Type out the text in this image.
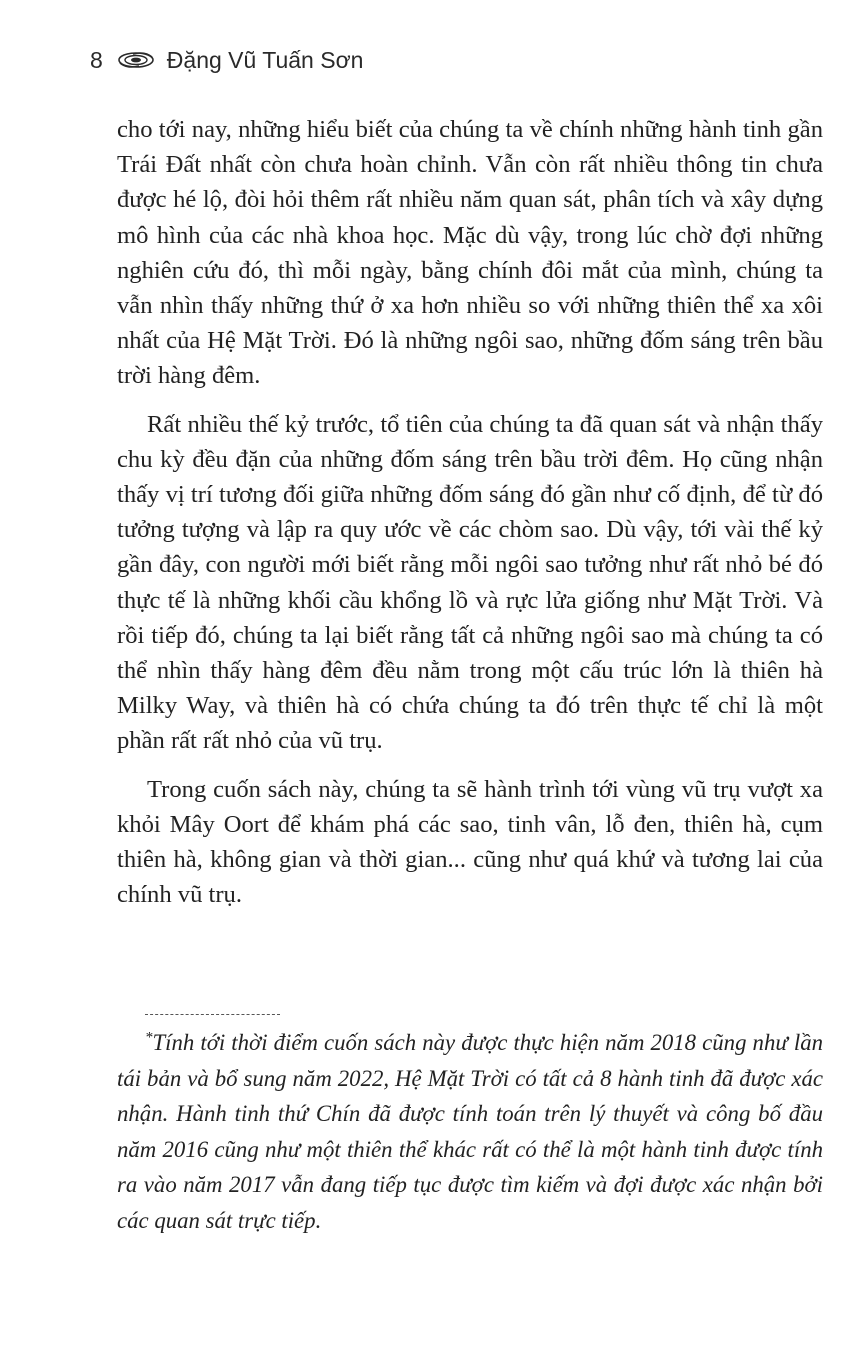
8	Đặng Vũ Tuấn Sơn

cho tới nay, những hiểu biết của chúng ta về chính những hành tinh gần Trái Đất nhất còn chưa hoàn chỉnh. Vẫn còn rất nhiều thông tin chưa được hé lộ, đòi hỏi thêm rất nhiều năm quan sát, phân tích và xây dựng mô hình của các nhà khoa học. Mặc dù vậy, trong lúc chờ đợi những nghiên cứu đó, thì mỗi ngày, bằng chính đôi mắt của mình, chúng ta vẫn nhìn thấy những thứ ở xa hơn nhiều so với những thiên thể xa xôi nhất của Hệ Mặt Trời. Đó là những ngôi sao, những đốm sáng trên bầu trời hàng đêm.

Rất nhiều thế kỷ trước, tổ tiên của chúng ta đã quan sát và nhận thấy chu kỳ đều đặn của những đốm sáng trên bầu trời đêm. Họ cũng nhận thấy vị trí tương đối giữa những đốm sáng đó gần như cố định, để từ đó tưởng tượng và lập ra quy ước về các chòm sao. Dù vậy, tới vài thế kỷ gần đây, con người mới biết rằng mỗi ngôi sao tưởng như rất nhỏ bé đó thực tế là những khối cầu khổng lồ và rực lửa giống như Mặt Trời. Và rồi tiếp đó, chúng ta lại biết rằng tất cả những ngôi sao mà chúng ta có thể nhìn thấy hàng đêm đều nằm trong một cấu trúc lớn là thiên hà Milky Way, và thiên hà có chứa chúng ta đó trên thực tế chỉ là một phần rất rất nhỏ của vũ trụ.

Trong cuốn sách này, chúng ta sẽ hành trình tới vùng vũ trụ vượt xa khỏi Mây Oort để khám phá các sao, tinh vân, lỗ đen, thiên hà, cụm thiên hà, không gian và thời gian... cũng như quá khứ và tương lai của chính vũ trụ.

*Tính tới thời điểm cuốn sách này được thực hiện năm 2018 cũng như lần tái bản và bổ sung năm 2022, Hệ Mặt Trời có tất cả 8 hành tinh đã được xác nhận. Hành tinh thứ Chín đã được tính toán trên lý thuyết và công bố đầu năm 2016 cũng như một thiên thể khác rất có thể là một hành tinh được tính ra vào năm 2017 vẫn đang tiếp tục được tìm kiếm và đợi được xác nhận bởi các quan sát trực tiếp.
